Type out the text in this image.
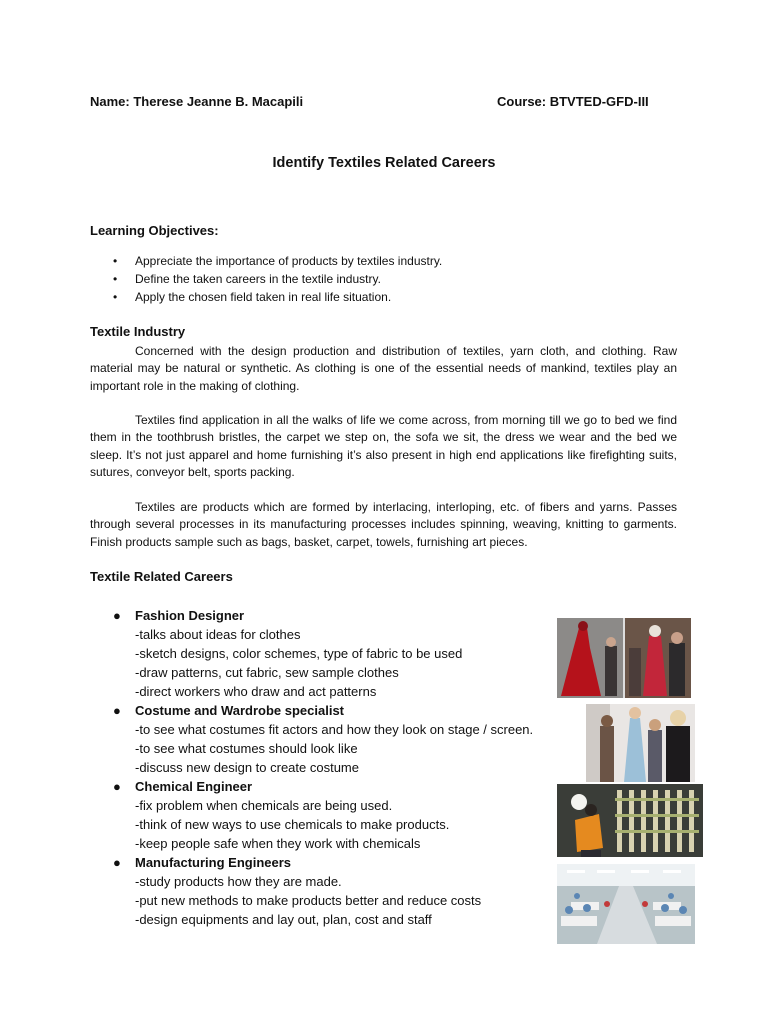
Name: Therese Jeanne B. Macapili	Course: BTVTED-GFD-III
Identify Textiles Related Careers
Learning Objectives:
• Appreciate the importance of products by textiles industry.
• Define the taken careers in the textile industry.
• Apply the chosen field taken in real life situation.
Textile Industry

Concerned with the design production and distribution of textiles, yarn cloth, and clothing. Raw material may be natural or synthetic. As clothing is one of the essential needs of mankind, textiles play an important role in the making of clothing.

Textiles find application in all the walks of life we come across, from morning till we go to bed we find them in the toothbrush bristles, the carpet we step on, the sofa we sit, the dress we wear and the bed we sleep. It’s not just apparel and home furnishing it’s also present in high end applications like firefighting suits, sutures, conveyor belt, sports packing.

Textiles are products which are formed by interlacing, interloping, etc. of fibers and yarns. Passes through several processes in its manufacturing processes includes spinning, weaving, knitting to garments. Finish products sample such as bags, basket, carpet, towels, furnishing art pieces.

Textile Related Careers
● Fashion Designer
-talks about ideas for clothes
-sketch designs, color schemes, type of fabric to be used
-draw patterns, cut fabric, sew sample clothes
-direct workers who draw and act patterns
● Costume and Wardrobe specialist
-to see what costumes fit actors and how they look on stage / screen.
-to see what costumes should look like
-discuss new design to create costume
● Chemical Engineer
-fix problem when chemicals are being used.
-think of new ways to use chemicals to make products.
-keep people safe when they work with chemicals
● Manufacturing Engineers
-study products how they are made.
-put new methods to make products better and reduce costs
-design equipments and lay out, plan, cost and staff
